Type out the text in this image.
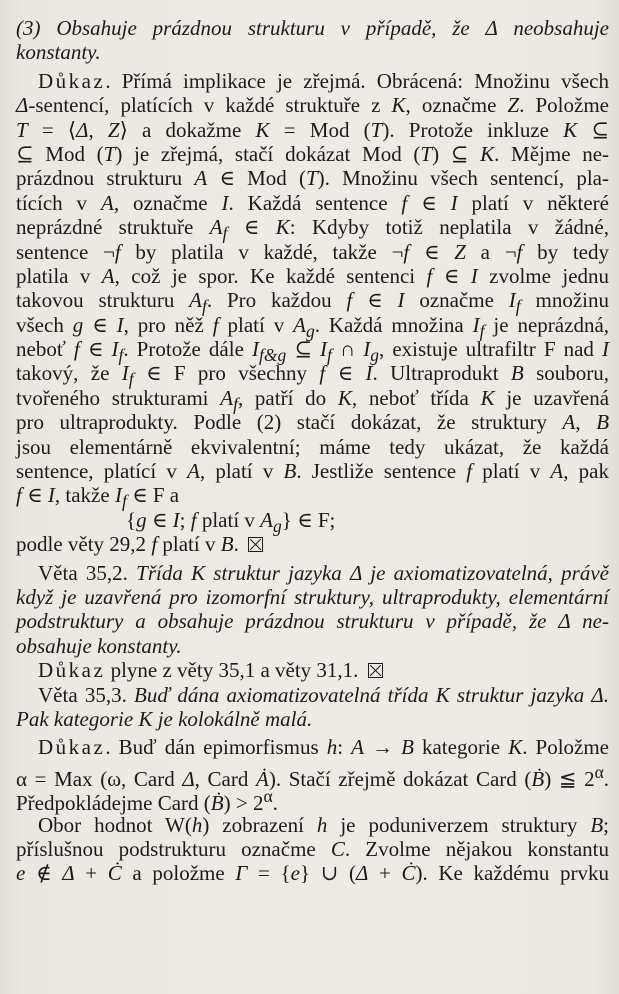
(3) Obsahuje prázdnou strukturu v případě, že Δ neobsahuje
konstanty.
Důkaz. Přímá implikace je zřejmá. Obrácená: Množinu všech
Δ-sentencí, platících v každé struktuře z K, označme Z. Položme
T = ⟨Δ, Z⟩ a dokažme K = Mod (T). Protože inkluze K ⊆
⊆ Mod (T) je zřejmá, stačí dokázat Mod (T) ⊆ K. Mějme ne-
prázdnou strukturu A ∈ Mod (T). Množinu všech sentencí, pla-
tících v A, označme I. Každá sentence f ∈ I platí v některé
neprázdné struktuře $A_f$ ∈ K: Kdyby totiž neplatila v žádné,
sentence ¬f by platila v každé, takže ¬f ∈ Z a ¬f by tedy
platila v A, což je spor. Ke každé sentenci f ∈ I zvolme jednu
takovou strukturu $A_f$. Pro každou f ∈ I označme $I_f$ množinu
všech g ∈ I, pro něž f platí v $A_g$. Každá množina $I_f$ je neprázdná,
neboť f ∈ $I_f$. Protože dále $I_{f\&g}$ ⊆ $I_f$ ∩ $I_g$, existuje ultrafiltr F nad I
takový, že $I_f$ ∈ F pro všechny f ∈ I. Ultraprodukt B souboru,
tvořeného strukturami $A_f$, patří do K, neboť třída K je uzavřená
pro ultraprodukty. Podle (2) stačí dokázat, že struktury A, B
jsou elementárně ekvivalentní; máme tedy ukázat, že každá
sentence, platící v A, platí v B. Jestliže sentence f platí v A, pak
f ∈ I, takže $I_f$ ∈ F a
{g ∈ I; f platí v $A_g$} ∈ F;
podle věty 29,2 f platí v B.
Věta 35,2. Třída K struktur jazyka Δ je axiomatizovatelná, právě
když je uzavřená pro izomorfní struktury, ultraprodukty, elementární
podstruktury a obsahuje prázdnou strukturu v případě, že Δ ne-
obsahuje konstanty.
Důkaz plyne z věty 35,1 a věty 31,1.
Věta 35,3. Buď dána axiomatizovatelná třída K struktur jazyka Δ.
Pak kategorie K je kolokálně malá.
Důkaz. Buď dán epimorfismus h: A → B kategorie K. Položme
α = Max (ω, Card Δ, Card Ȧ). Stačí zřejmě dokázat Card (Ḃ) ≦ $2^\alpha$.
Předpokládejme Card (Ḃ) > $2^\alpha$.
Obor hodnot W(h) zobrazení h je poduniverzem struktury B;
příslušnou podstrukturu označme C. Zvolme nějakou konstantu
e ∉ Δ + Ċ a položme Γ = {e} ∪ (Δ + Ċ). Ke každému prvku
